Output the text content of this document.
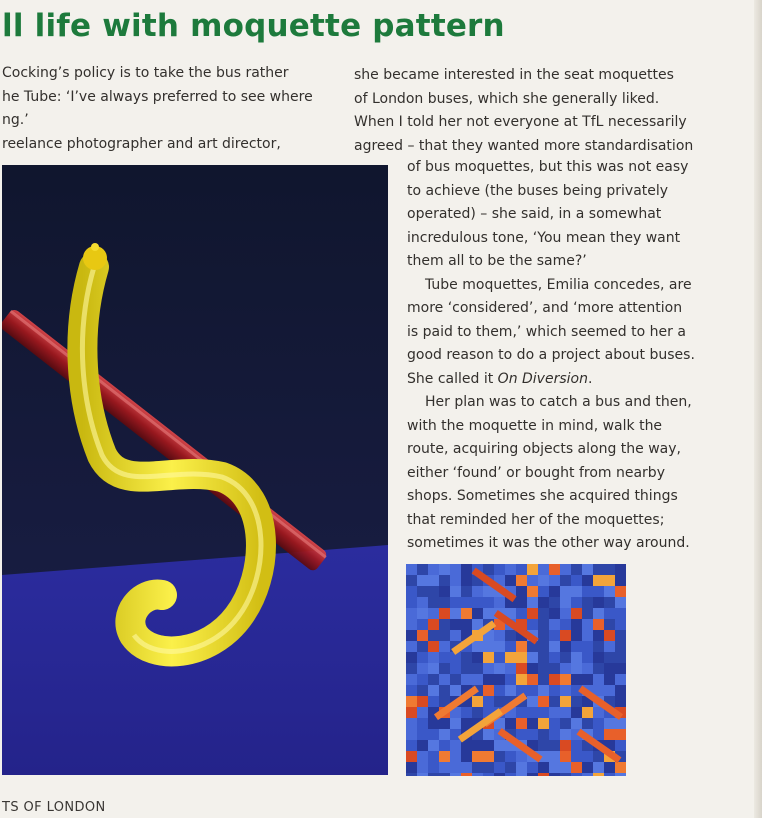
ll life with moquette pattern
Cocking’s policy is to take the bus rather
he Tube: ‘I’ve always preferred to see where
ng.’
reelance photographer and art director,
she became interested in the seat moquettes
of London buses, which she generally liked.
When I told her not everyone at TfL necessarily
agreed – that they wanted more standardisation
of bus moquettes, but this was not easy
to achieve (the buses being privately
operated) – she said, in a somewhat
incredulous tone, ‘You mean they want
them all to be the same?’
Tube moquettes, Emilia concedes, are
more ‘considered’, and ‘more attention
is paid to them,’ which seemed to her a
good reason to do a project about buses.
She called it On Diversion.
Her plan was to catch a bus and then,
with the moquette in mind, walk the
route, acquiring objects along the way,
either ‘found’ or bought from nearby
shops. Sometimes she acquired things
that reminded her of the moquettes;
sometimes it was the other way around.
TS OF LONDON
